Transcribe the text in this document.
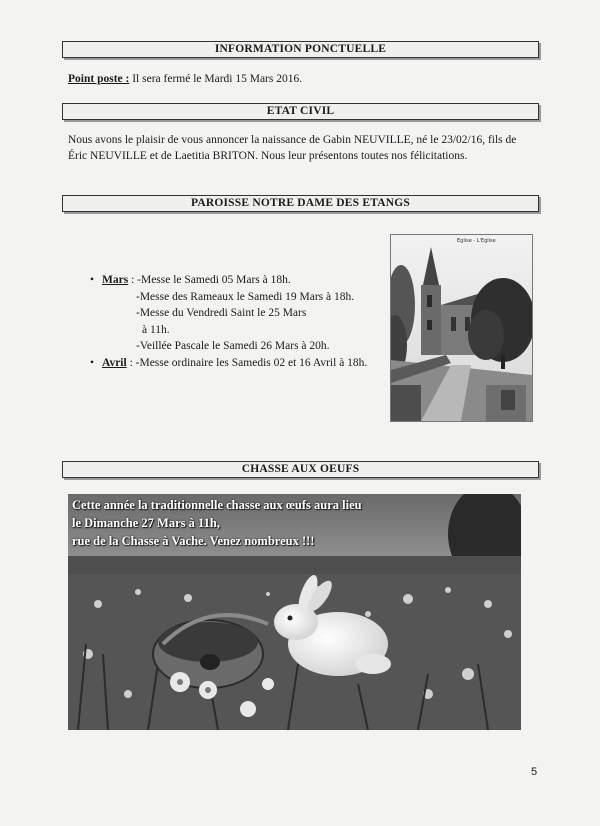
INFORMATION PONCTUELLE
Point poste : Il sera fermé le Mardi 15 Mars 2016.
ETAT CIVIL
Nous avons le plaisir de vous annoncer la naissance de Gabin NEUVILLE, né le 23/02/16, fils de
Éric NEUVILLE et de Laetitia BRITON. Nous leur présentons toutes nos félicitations.
PAROISSE NOTRE DAME DES ETANGS
• Mars : -Messe le Samedi 05 Mars à 18h.
-Messe des Rameaux le Samedi 19 Mars à 18h.
-Messe du Vendredi Saint le 25 Mars
à 11h.
-Veillée Pascale le Samedi 26 Mars à 20h.
• Avril : -Messe ordinaire les Samedis 02 et 16 Avril à 18h.
Eglise - L'Eglise
CHASSE AUX OEUFS
Cette année la traditionnelle chasse aux œufs aura lieu
le Dimanche 27 Mars à 11h,
rue de la Chasse à Vache. Venez nombreux !!!
5
